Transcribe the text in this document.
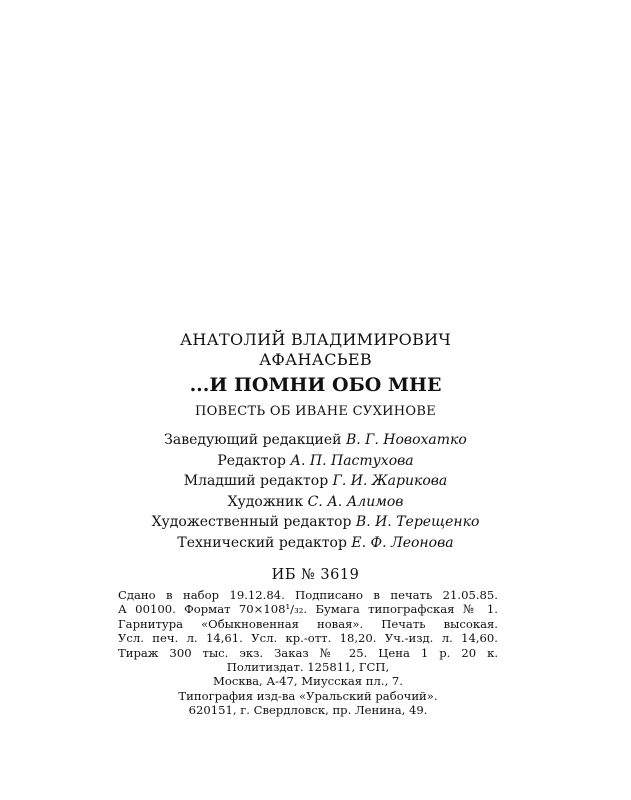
АНАТОЛИЙ ВЛАДИМИРОВИЧ
АФАНАСЬЕВ
...И ПОМНИ ОБО МНЕ
ПОВЕСТЬ ОБ ИВАНЕ СУХИНОВЕ
Заведующий редакцией В. Г. Новохатко
Редактор А. П. Пастухова
Младший редактор Г. И. Жарикова
Художник С. А. Алимов
Художественный редактор В. И. Терещенко
Технический редактор Е. Ф. Леонова
ИБ № 3619
Сдано в набор 19.12.84. Подписано в печать 21.05.85.
А 00100. Формат 70×108¹/₃₂. Бумага типографская № 1.
Гарнитура «Обыкновенная новая». Печать высокая.
Усл. печ. л. 14,61. Усл. кр.-отт. 18,20. Уч.-изд. л. 14,60.
Тираж 300 тыс. экз. Заказ № 25. Цена 1 р. 20 к.
Политиздат. 125811, ГСП,
Москва, А-47, Миусская пл., 7.
Типография изд-ва «Уральский рабочий».
620151, г. Свердловск, пр. Ленина, 49.
